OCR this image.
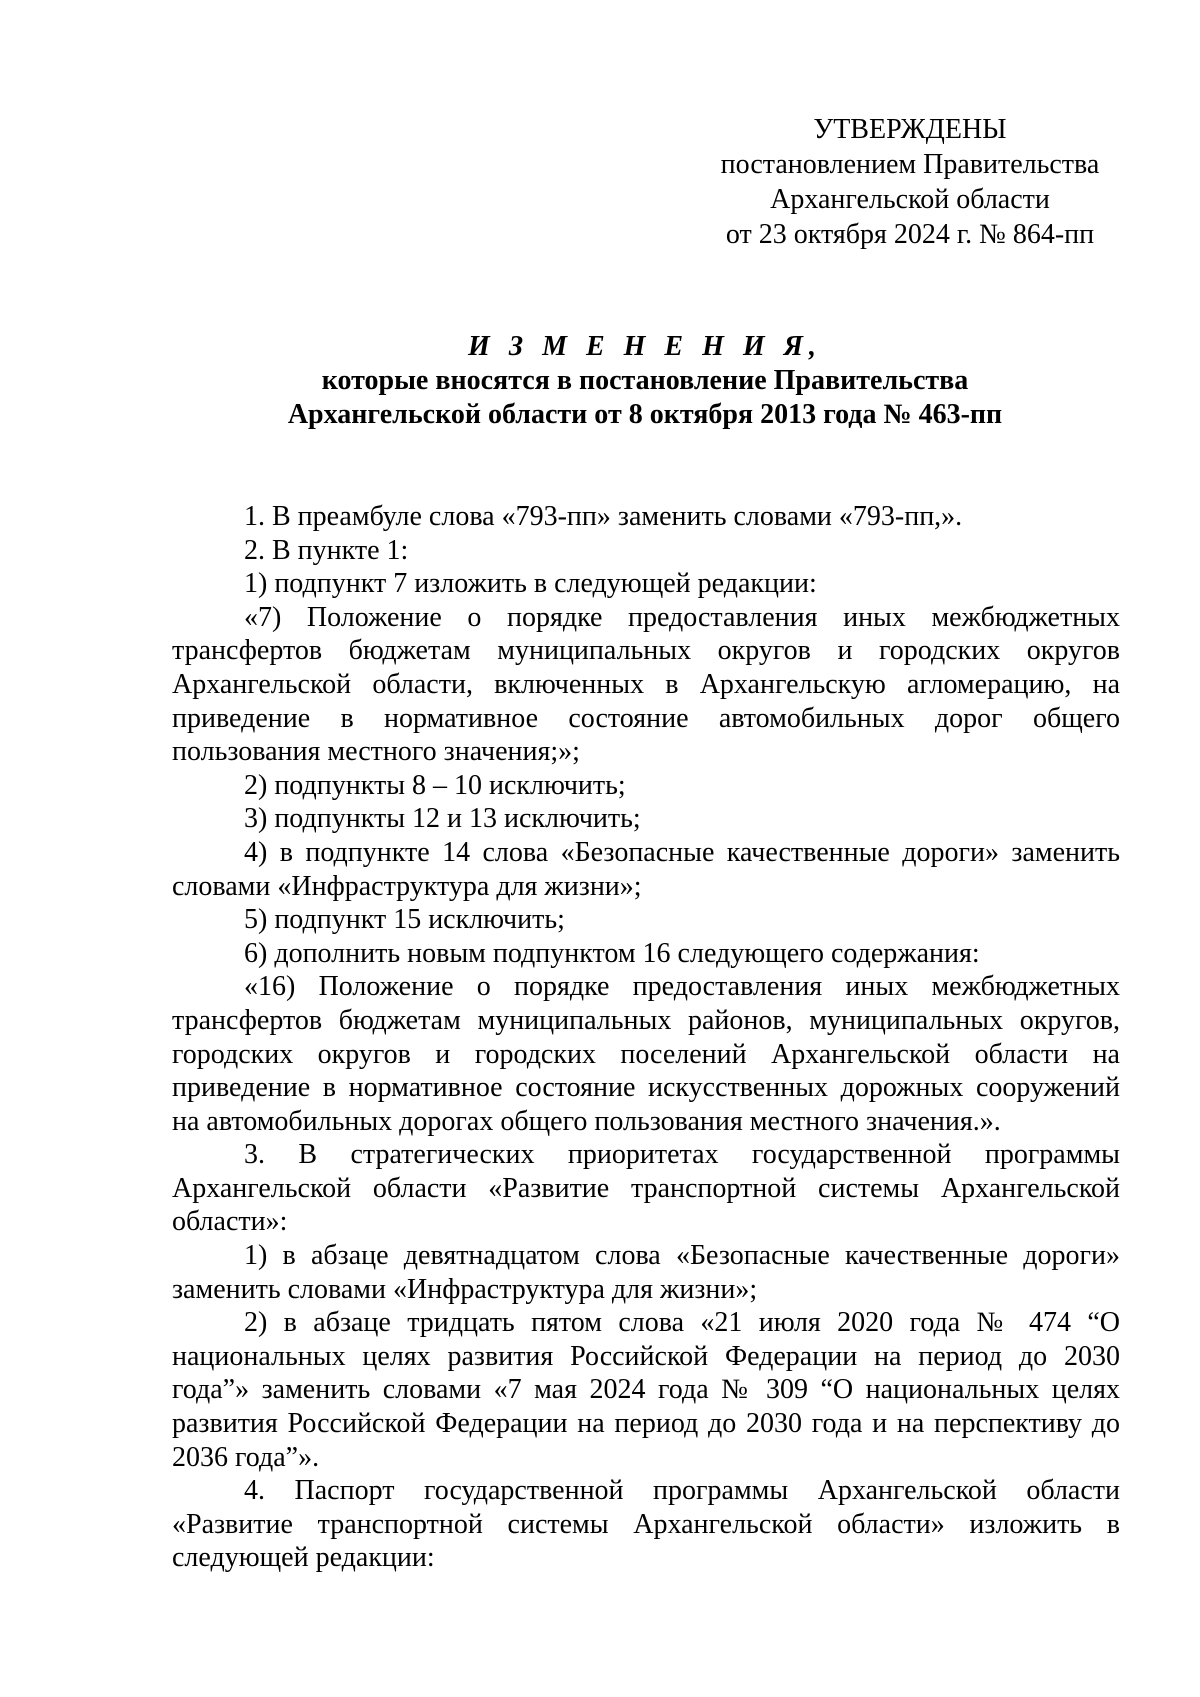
УТВЕРЖДЕНЫ
постановлением Правительства
Архангельской области
от 23 октября 2024 г. № 864-пп
И З М Е Н Е Н И Я,
которые вносятся в постановление Правительства
Архангельской области от 8 октября 2013 года № 463-пп

1. В преамбуле слова «793-пп» заменить словами «793-пп,».

2. В пункте 1:

1) подпункт 7 изложить в следующей редакции:

«7) Положение о порядке предоставления иных межбюджетных трансфертов бюджетам муниципальных округов и городских округов Архангельской области, включенных в Архангельскую агломерацию, на приведение в нормативное состояние автомобильных дорог общего пользования местного значения;»;

2) подпункты 8 – 10 исключить;

3) подпункты 12 и 13 исключить;

4) в подпункте 14 слова «Безопасные качественные дороги» заменить словами «Инфраструктура для жизни»;

5) подпункт 15 исключить;

6) дополнить новым подпунктом 16 следующего содержания:

«16) Положение о порядке предоставления иных межбюджетных трансфертов бюджетам муниципальных районов, муниципальных округов, городских округов и городских поселений Архангельской области на приведение в нормативное состояние искусственных дорожных сооружений на автомобильных дорогах общего пользования местного значения.».

3. В стратегических приоритетах государственной программы Архангельской области «Развитие транспортной системы Архангельской области»:

1) в абзаце девятнадцатом слова «Безопасные качественные дороги» заменить словами «Инфраструктура для жизни»;

2) в абзаце тридцать пятом слова «21 июля 2020 года № 474 “О национальных целях развития Российской Федерации на период до 2030 года”» заменить словами «7 мая 2024 года № 309 “О национальных целях развития Российской Федерации на период до 2030 года и на перспективу до 2036 года”».

4. Паспорт государственной программы Архангельской области «Развитие транспортной системы Архангельской области» изложить в следующей редакции:
